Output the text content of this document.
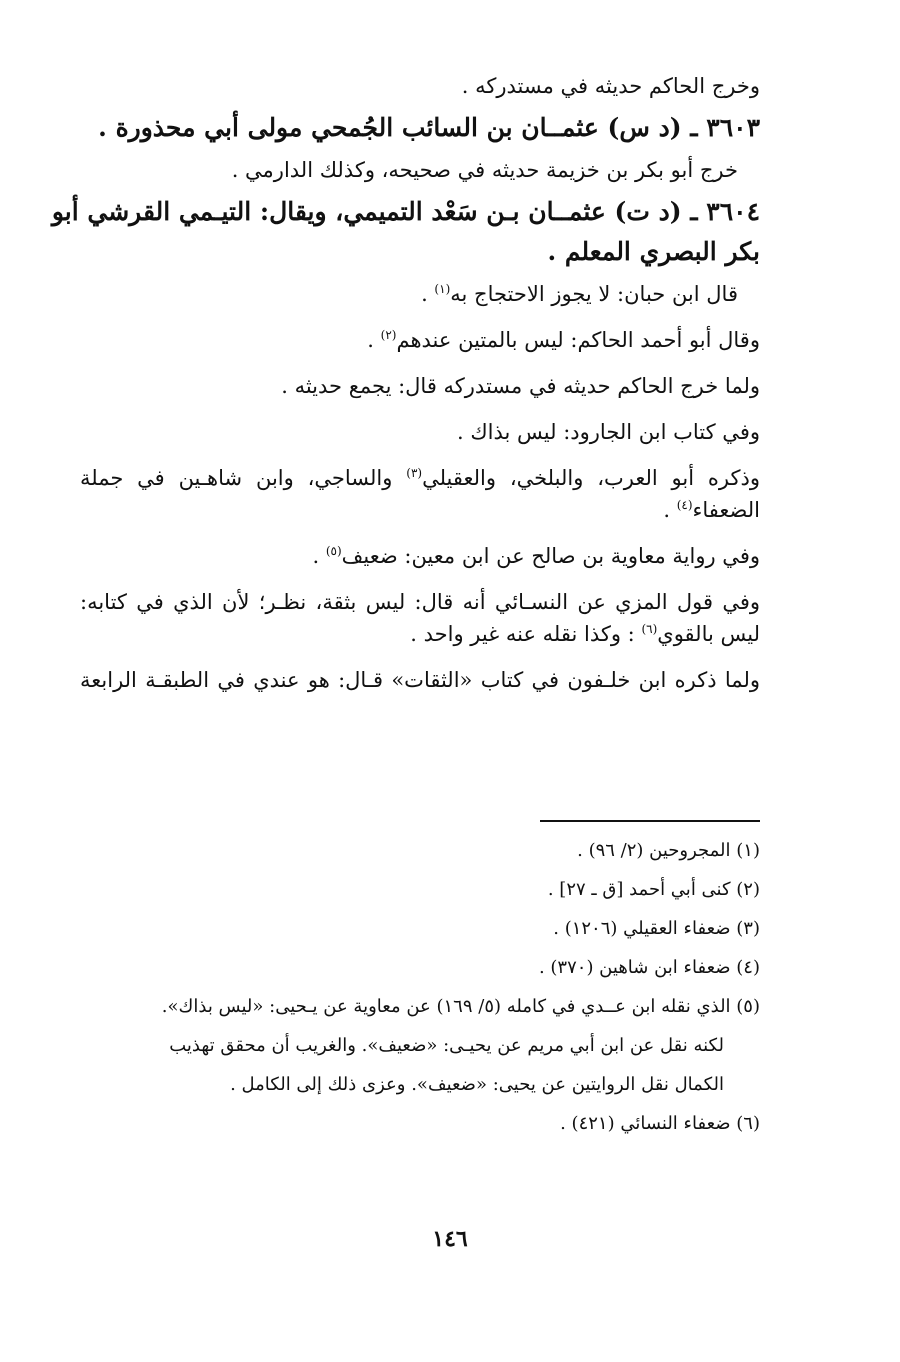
وخرج الحاكم حديثه في مستدركه .
٣٦٠٣ ـ (د س) عثمــان بن السائب الجُمحي مولى أبي محذورة .
خرج أبو بكر بن خزيمة حديثه في صحيحه، وكذلك الدارمي .
٣٦٠٤ ـ (د ت) عثمــان بـن سَعْد التميمي، ويقال: التيـمي القرشي أبو
بكر البصري المعلم .
قال ابن حبان: لا يجوز الاحتجاج به$^{(١)}$ .
وقال أبو أحمد الحاكم: ليس بالمتين عندهم$^{(٢)}$ .
ولما خرج الحاكم حديثه في مستدركه قال: يجمع حديثه .
وفي كتاب ابن الجارود: ليس بذاك .
وذكره أبو العرب، والبلخي، والعقيلي$^{(٣)}$ والساجي، وابن شاهـين في جملة
الضعفاء$^{(٤)}$ .
وفي رواية معاوية بن صالح عن ابن معين: ضعيف$^{(٥)}$ .
وفي قول المزي عن النسـائي أنه قال: ليس بثقة، نظـر؛ لأن الذي في كتابه:
ليس بالقوي$^{(٦)}$ : وكذا نقله عنه غير واحد .
ولما ذكره ابن خلـفون في كتاب «الثقات» قـال: هو عندي في الطبقـة الرابعة
(١) المجروحين (٢/ ٩٦) .
(٢) كنى أبي أحمد [ق ـ ٢٧] .
(٣) ضعفاء العقيلي (١٢٠٦) .
(٤) ضعفاء ابن شاهين (٣٧٠) .
(٥) الذي نقله ابن عــدي في كامله (٥/ ١٦٩) عن معاوية عن يـحيى: «ليس بذاك».
لكنه نقل عن ابن أبي مريم عن يحيـى: «ضعيف». والغريب أن محقق تهذيب
الكمال نقل الروايتين عن يحيى: «ضعيف». وعزى ذلك إلى الكامل .
(٦) ضعفاء النسائي (٤٢١) .
١٤٦
